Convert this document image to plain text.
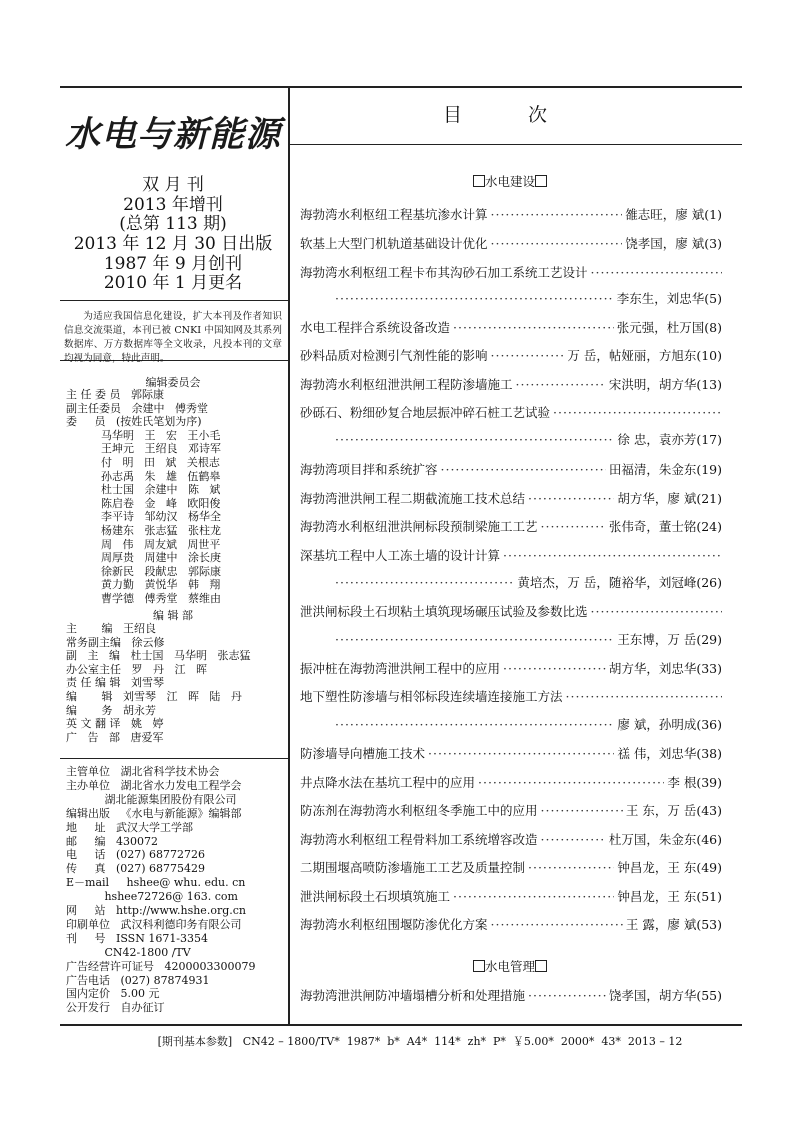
水电与新能源
双 月 刊
2013 年增刊
(总第 113 期)
2013 年 12 月 30 日出版
1987 年 9 月创刊
2010 年 1 月更名
为适应我国信息化建设，扩大本刊及作者知识信息交流渠道，本刊已被 CNKI 中国知网及其系列数据库、万方数据库等全文收录，凡投本刊的文章均视为同意，特此声明。
编辑委员会
主 任 委 员   郭际康
副主任委员   余建中   傅秀堂
委     员   (按姓氏笔划为序)
马华明   王   宏   王小毛
王坤元   王绍良   邓诗军
付   明   田   斌   关根志
孙志禹   朱   雄   伍鹤皋
杜士国   余建中   陈   斌
陈启卷   金   峰   欧阳俊
李平诗   邹幼汉   杨华全
杨建东   张志猛   张柱龙
周   伟   周友斌   周世平
周厚贵   周建中   涂长庚
徐新民   段献忠   郭际康
黄力勤   黄悦华   韩   翔
曹学德   傅秀堂   蔡维由
编 辑 部
主       编   王绍良
常务副主编   徐云修
副   主   编   杜士国   马华明   张志猛
办公室主任   罗   丹   江   晖
责 任 编 辑   刘雪琴
编       辑   刘雪琴   江   晖   陆   丹
编       务   胡永芳
英 文 翻 译   姚   婷
广   告   部   唐爱军
主管单位   湖北省科学技术协会
主办单位   湖北省水力发电工程学会
湖北能源集团股份有限公司
编辑出版   《水电与新能源》编辑部
地     址   武汉大学工学部
邮     编   430072
电     话   (027) 68772726
传     真   (027) 68775429
E－mail     hshee@ whu. edu. cn
hshee72726@ 163. com
网     站   http://www.hshe.org.cn
印刷单位   武汉科利德印务有限公司
刊     号   ISSN 1671-3354
CN42-1800 /TV
广告经营许可证号   4200003300079
广告电话   (027) 87874931
国内定价   5.00 元
公开发行   自办征订
目 次
水电建设
水电管理
海勃湾水利枢纽工程基坑渗水计算 ·····	雒志旺，廖 斌(1)
软基上大型门机轨道基础设计优化 ·····	饶孝国，廖 斌(3)
海勃湾水利枢纽工程卡布其沟砂石加工系统工艺设计
·····
·····
李东生，刘忠华(5)
水电工程拌合系统设备改造 ·····	张元强，杜万国(8)
砂料品质对检测引气剂性能的影响 ·····	万 岳，帖娅丽，方旭东(10)
海勃湾水利枢纽泄洪闸工程防渗墙施工 ·····	宋洪明，胡方华(13)
砂砾石、粉细砂复合地层振冲碎石桩工艺试验
·····
·····
徐 忠，袁亦芳(17)
海勃湾项目拌和系统扩容 ·····	田福清，朱金东(19)
海勃湾泄洪闸工程二期截流施工技术总结 ·····	胡方华，廖 斌(21)
海勃湾水利枢纽泄洪闸标段预制梁施工工艺 ·····	张伟奇，董士铭(24)
深基坑工程中人工冻土墙的设计计算
·····
·····
黄培杰，万 岳，随裕华，刘冠峰(26)
泄洪闸标段土石坝粘土填筑现场碾压试验及参数比选
·····
·····
王东博，万 岳(29)
振冲桩在海勃湾泄洪闸工程中的应用 ·····	胡方华，刘忠华(33)
地下塑性防渗墙与相邻标段连续墙连接施工方法
·····
·····
廖 斌，孙明成(36)
防渗墙导向槽施工技术 ·····	禚 伟，刘忠华(38)
井点降水法在基坑工程中的应用 ·····	李 根(39)
防冻剂在海勃湾水利枢纽冬季施工中的应用 ·····	王 东，万 岳(43)
海勃湾水利枢纽工程骨料加工系统增容改造 ·····	杜万国，朱金东(46)
二期围堰高喷防渗墙施工工艺及质量控制 ·····	钟昌龙，王 东(49)
泄洪闸标段土石坝填筑施工 ·····	钟昌龙，王 东(51)
海勃湾水利枢纽围堰防渗优化方案 ·····	王 露，廖 斌(53)
海勃湾泄洪闸防冲墙塌槽分析和处理措施 ·····	饶孝国，胡方华(55)
[期刊基本参数]   CN42 – 1800/TV*  1987*  b*  A4*  114*  zh*  P*  ￥5.00*  2000*  43*  2013 – 12
